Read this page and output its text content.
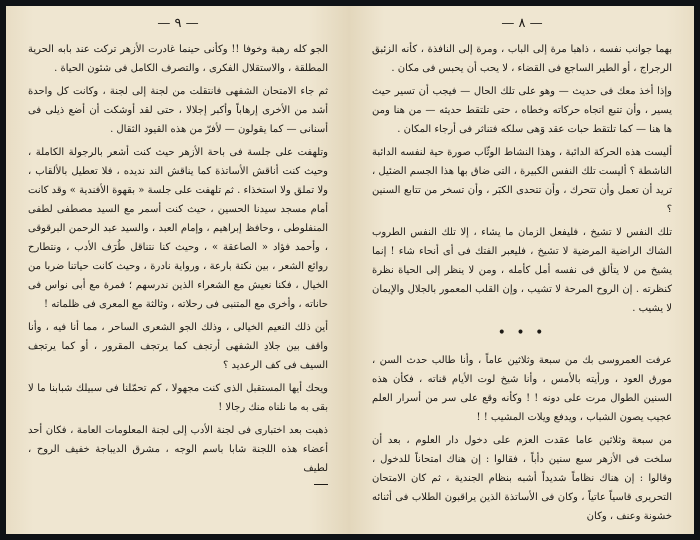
— ٩ —

الجو كله رهبة وخوفا !! وكأنى حينما غادرت الأزهر تركت عند بابه الحرية المطلقة ، والاستقلال الفكرى ، والتصرف الكامل فى شئون الحياة .

ثم جاء الامتحان الشفهى فانتقلت من لجنة إلى لجنة ، وكانت كل واحدة أشد من الأخرى إرهاباً وأكبر إجلالا ، حتى لقد أوشكت أن أضع ذيلى فى أسنانى — كما يقولون — لأفرّ من هذه القيود الثقال .

وتلهفت على جلسة فى باحة الأزهر حيث كنت أشعر بالرجولة الكاملة ، وحيث كنت أناقش الأساتذة كما يناقش الند نديده ، فلا تعطيل بالألقاب ، ولا تملق ولا استخذاء . ثم تلهفت على جلسة « بقهوة الأفندية » وقد كانت أمام مسجد سيدنا الحسين ، حيث كنت أسمر مع السيد مصطفى لطفى المنفلوطى ، وحافظ إبراهيم ، وإمام العبد ، والسيد عبد الرحمن البرقوقى ، وأحمد فؤاد « الصاعقة » ، وحيث كنا نتناقل طُرَف الأدب ، ونتطارح روائع الشعر ، بين نكتة بارعة ، ورواية نادرة ، وحيث كانت حياتنا ضربا من الخيال ، فكنا نعيش مع الشعراء الذين ندرسهم ؛ فمرة مع أبى نواس فى حاناته ، وأخرى مع المتنبى فى رحلاته ، وثالثة مع المعرى فى ظلماته !

أين ذلك النعيم الخيالى ، وذلك الجو الشعرى الساحر ، مما أنا فيه ، وأنا واقف بين جلادِ الشفهى أرتجف كما يرتجف المقرور ، أو كما يرتجف السيف فى كف الرعديد ؟

ويحك أيها المستقبل الذى كنت مجهولا ، كم تحمّلنا فى سبيلك شبابنا ما لا بقى به ما نلناه منك رجالا !

ذهبت بعد اختبارى فى لجنة الأدب إلى لجنة المعلومات العامة ، فكان أحد أعضاء هذه اللجنة شابا باسم الوجه ، مشرق الديباجة خفيف الروح ، لطيف

— ٨ —

بهما جوانب نفسه ، ذاهبا مرة إلى الباب ، ومرة إلى النافذة ، كأنه الزئبق الرجراج ، أو الطير الساجع فى القضاء ، لا يحب أن يحبس فى مكان .

وإذا أخذ معك فى حديث — وهو على تلك الحال — فيجب أن تسير حيث يسير ، وأن تتبع اتجاه حركاته وخطاه ، حتى تلتقط حديثه — من هنا ومن ها هنا — كما تلتقط حبات عقد وَهى سلكه فتناثر فى أرجاء المكان .

أليست هذه الحركة الدائبة ، وهذا النشاط الوثّاب صورة حية لنفسه الدائبة الناشطة ؟ أليست تلك النفس الكبيرة ، التى ضاق بها هذا الجسم الضئيل ، تريد أن تعمل وأن تتحرك ، وأن تتحدى الكبَر ، وأن تسخر من تتابع السنين ؟

تلك النفس لا تشيخ ، فليفعل الزمان ما يشاء ، إلا تلك النفس الطروب الشاك الراضية المرضية لا تشيخ ، فليعبر الفتك فى أى أنحاء شاء ! إنما يشيخ من لا يتألق فى نفسه أمل كأمله ، ومن لا ينظر إلى الحياة نظرة كنظرته . إن الروح المرحة لا تشيب ، وإن القلب المعمور بالجلال والإيمان لا يشيب .

• • •

عرفت العمروسى بك من سبعة وثلاثين عاماً ، وأنا طالب حدث السن ، مورق العود ، ورأيته بالأمس ، وأنا شيخ لوت الأيام قناته ، فكأن هذه السنين الطوال مرت على دونه ! ! وكأنه وقع على سر من أسرار العلم عجيب يصون الشباب ، ويدفع ويلات المشيب ! !

من سبعة وثلاثين عاما عقدت العزم على دخول دار العلوم ، بعد أن سلخت فى الأزهر سبع سنين دأباً ، فقالوا : إن هناك امتحاناً للدخول ، وقالوا : إن هناك نظاماً شديداً أشبه بنظام الجندية ، ثم كان الامتحان التحريرى قاسياً عاتياً ، وكان فى الأساتذة الذين يراقبون الطلاب فى أثنائه خشونة وعنف ، وكان
